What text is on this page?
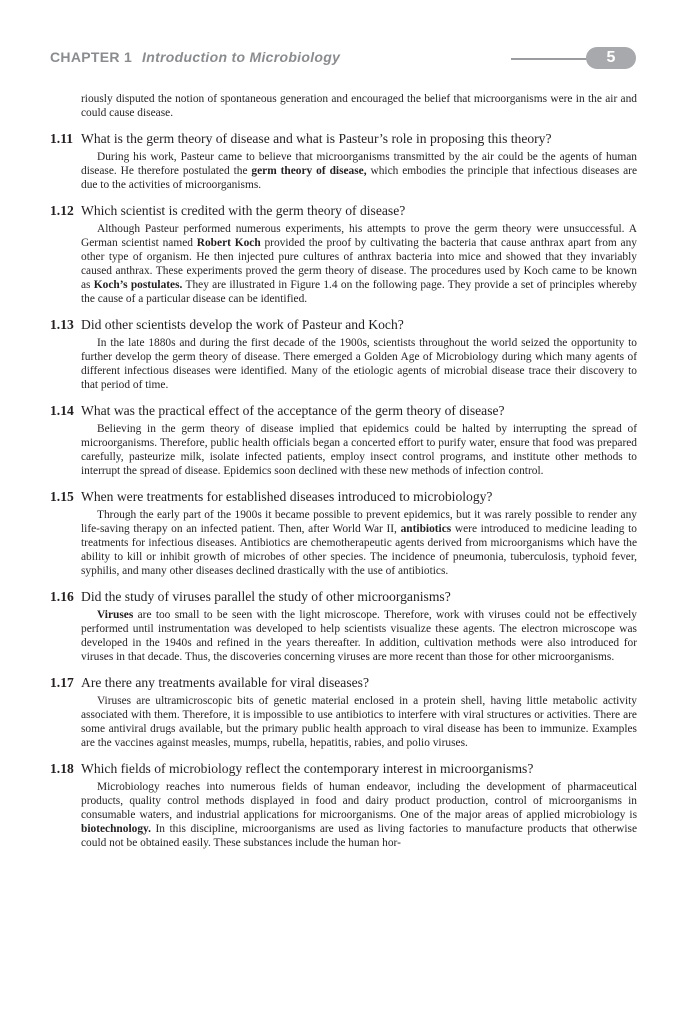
CHAPTER 1 Introduction to Microbiology	5

riously disputed the notion of spontaneous generation and encouraged the belief that microorganisms were in the air and could cause disease.

1.11 What is the germ theory of disease and what is Pasteur’s role in proposing this theory?

During his work, Pasteur came to believe that microorganisms transmitted by the air could be the agents of human disease. He therefore postulated the germ theory of disease, which embodies the principle that infectious diseases are due to the activities of microorganisms.

1.12 Which scientist is credited with the germ theory of disease?

Although Pasteur performed numerous experiments, his attempts to prove the germ theory were unsuccessful. A German scientist named Robert Koch provided the proof by cultivating the bacteria that cause anthrax apart from any other type of organism. He then injected pure cultures of anthrax bacteria into mice and showed that they invariably caused anthrax. These experiments proved the germ theory of disease. The procedures used by Koch came to be known as Koch’s postulates. They are illustrated in Figure 1.4 on the following page. They provide a set of principles whereby the cause of a particular disease can be identified.

1.13 Did other scientists develop the work of Pasteur and Koch?

In the late 1880s and during the first decade of the 1900s, scientists throughout the world seized the opportunity to further develop the germ theory of disease. There emerged a Golden Age of Microbiology during which many agents of different infectious diseases were identified. Many of the etiologic agents of microbial disease trace their discovery to that period of time.

1.14 What was the practical effect of the acceptance of the germ theory of disease?

Believing in the germ theory of disease implied that epidemics could be halted by interrupting the spread of microorganisms. Therefore, public health officials began a concerted effort to purify water, ensure that food was prepared carefully, pasteurize milk, isolate infected patients, employ insect control programs, and institute other methods to interrupt the spread of disease. Epidemics soon declined with these new methods of infection control.

1.15 When were treatments for established diseases introduced to microbiology?

Through the early part of the 1900s it became possible to prevent epidemics, but it was rarely possible to render any life-saving therapy on an infected patient. Then, after World War II, antibiotics were introduced to medicine leading to treatments for infectious diseases. Antibiotics are chemotherapeutic agents derived from microorganisms which have the ability to kill or inhibit growth of microbes of other species. The incidence of pneumonia, tuberculosis, typhoid fever, syphilis, and many other diseases declined drastically with the use of antibiotics.

1.16 Did the study of viruses parallel the study of other microorganisms?

Viruses are too small to be seen with the light microscope. Therefore, work with viruses could not be effectively performed until instrumentation was developed to help scientists visualize these agents. The electron microscope was developed in the 1940s and refined in the years thereafter. In addition, cultivation methods were also introduced for viruses in that decade. Thus, the discoveries concerning viruses are more recent than those for other microorganisms.

1.17 Are there any treatments available for viral diseases?

Viruses are ultramicroscopic bits of genetic material enclosed in a protein shell, having little metabolic activity associated with them. Therefore, it is impossible to use antibiotics to interfere with viral structures or activities. There are some antiviral drugs available, but the primary public health approach to viral disease has been to immunize. Examples are the vaccines against measles, mumps, rubella, hepatitis, rabies, and polio viruses.

1.18 Which fields of microbiology reflect the contemporary interest in microorganisms?

Microbiology reaches into numerous fields of human endeavor, including the development of pharmaceutical products, quality control methods displayed in food and dairy product production, control of microorganisms in consumable waters, and industrial applications for microorganisms. One of the major areas of applied microbiology is biotechnology. In this discipline, microorganisms are used as living factories to manufacture products that otherwise could not be obtained easily. These substances include the human hor-
